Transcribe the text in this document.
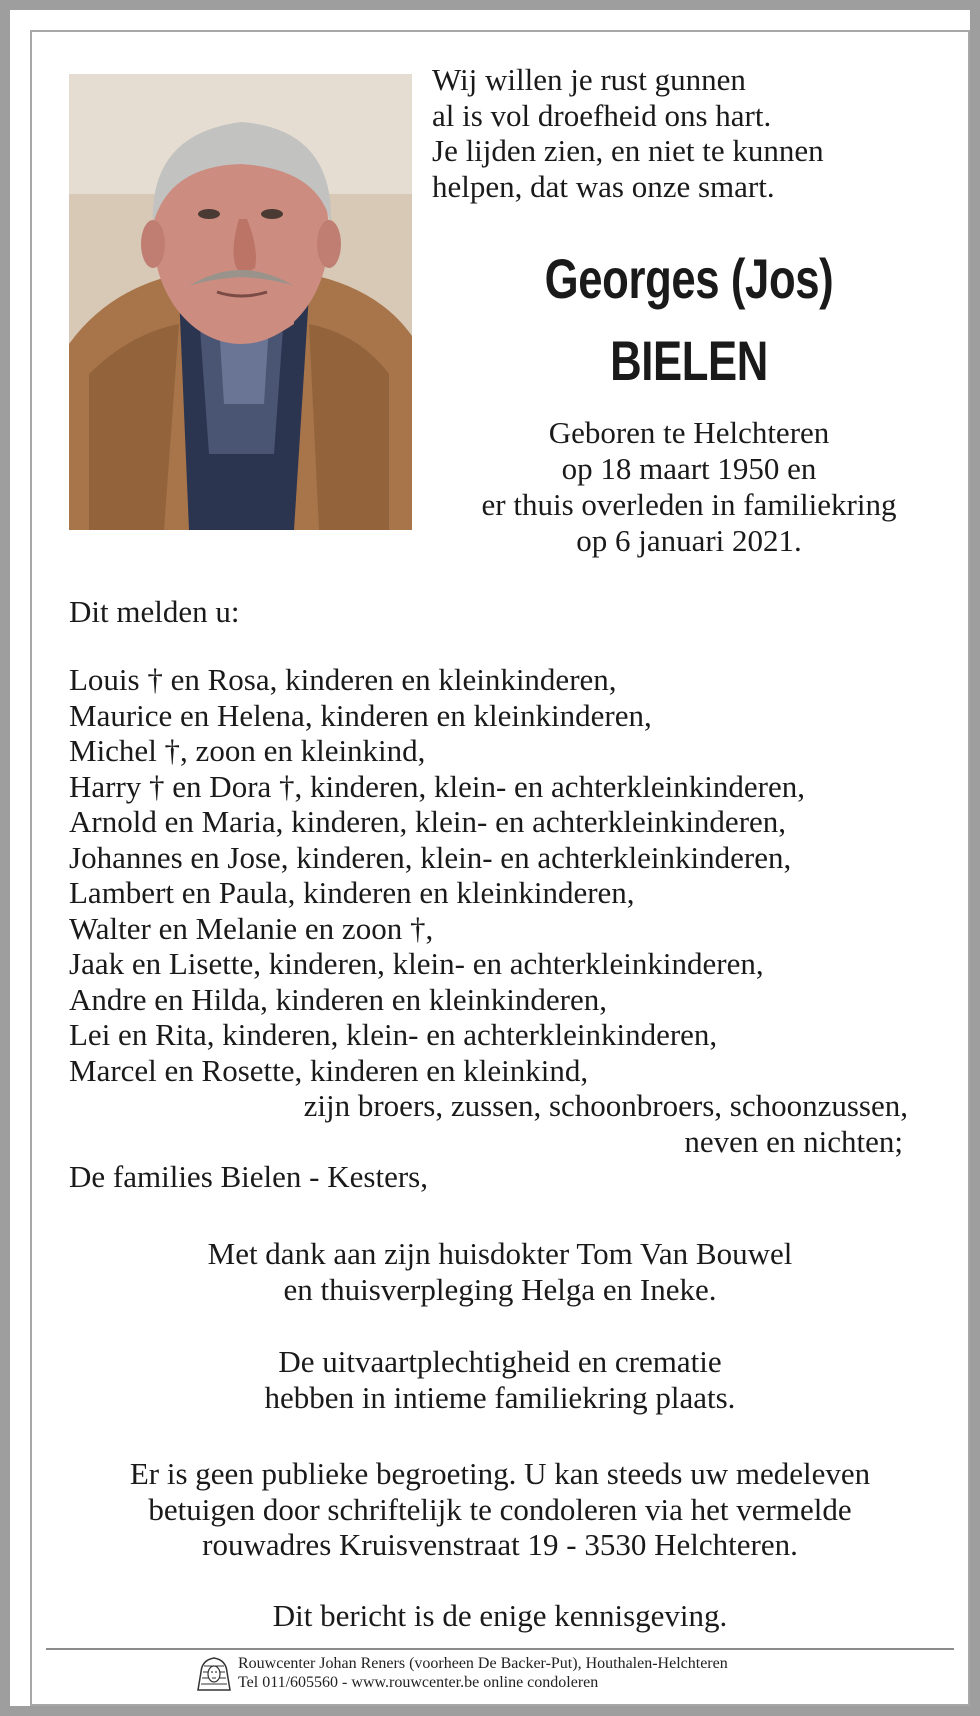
Wij willen je rust gunnen
al is vol droefheid ons hart.
Je lijden zien, en niet te kunnen
helpen, dat was onze smart.
Georges (Jos)
BIELEN
Geboren te Helchteren
op 18 maart 1950 en
er thuis overleden in familiekring
op 6 januari 2021.
Dit melden u:
Louis † en Rosa, kinderen en kleinkinderen,
Maurice en Helena, kinderen en kleinkinderen,
Michel †, zoon en kleinkind,
Harry † en Dora †, kinderen, klein- en achterkleinkinderen,
Arnold en Maria, kinderen, klein- en achterkleinkinderen,
Johannes en Jose, kinderen, klein- en achterkleinkinderen,
Lambert en Paula, kinderen en kleinkinderen,
Walter en Melanie en zoon †,
Jaak en Lisette, kinderen, klein- en achterkleinkinderen,
Andre en Hilda, kinderen en kleinkinderen,
Lei en Rita, kinderen, klein- en achterkleinkinderen,
Marcel en Rosette, kinderen en kleinkind,
zijn broers, zussen, schoonbroers, schoonzussen,
neven en nichten;
De families Bielen - Kesters,
Met dank aan zijn huisdokter Tom Van Bouwel
en thuisverpleging Helga en Ineke.
De uitvaartplechtigheid en crematie
hebben in intieme familiekring plaats.
Er is geen publieke begroeting. U kan steeds uw medeleven
betuigen door schriftelijk te condoleren via het vermelde
rouwadres Kruisvenstraat 19 - 3530 Helchteren.
Dit bericht is de enige kennisgeving.
Rouwcenter Johan Reners (voorheen De Backer-Put), Houthalen-Helchteren
Tel 011/605560 - www.rouwcenter.be online condoleren
